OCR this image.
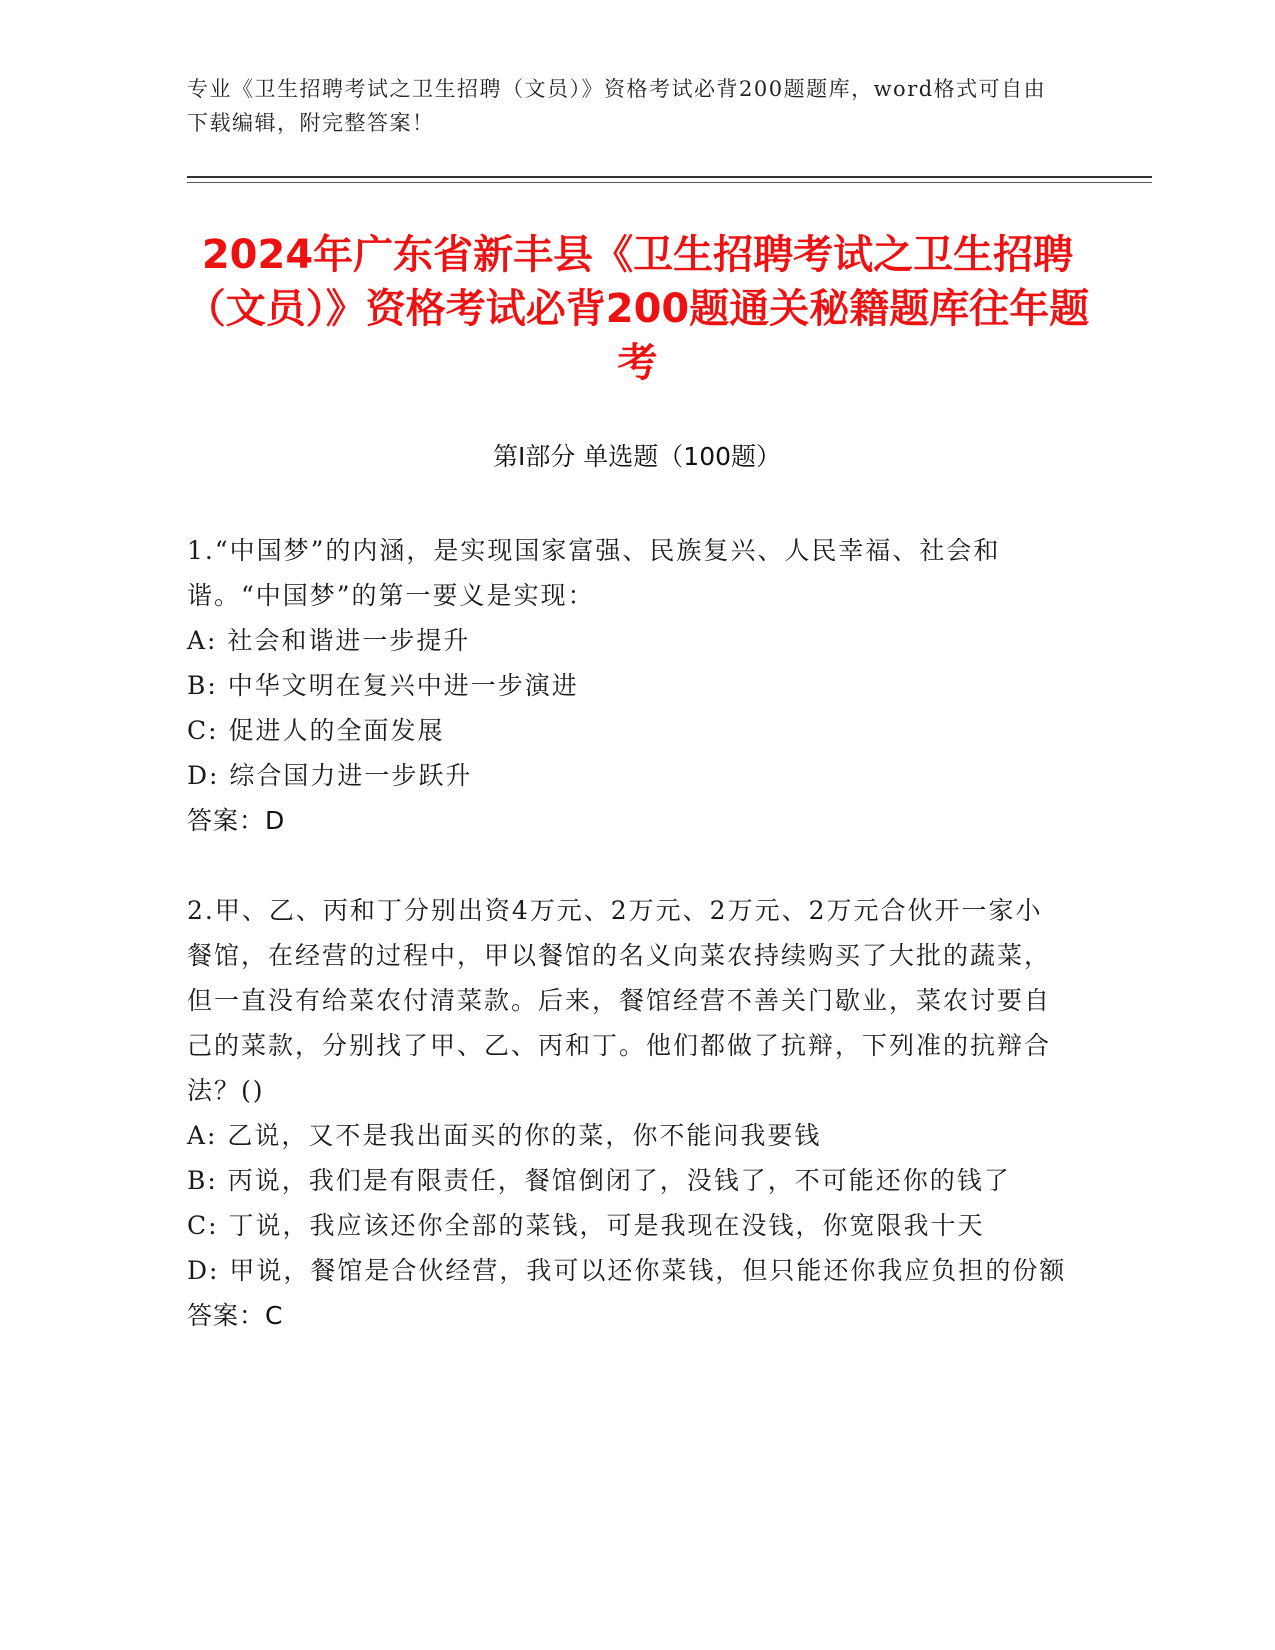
专业《卫生招聘考试之卫生招聘（文员）》资格考试必背200题题库，word格式可自由下载编辑，附完整答案！
2024年广东省新丰县《卫生招聘考试之卫生招聘（文员）》资格考试必背200题通关秘籍题库往年题考
第I部分 单选题（100题）
1.“中国梦”的内涵，是实现国家富强、民族复兴、人民幸福、社会和谐。“中国梦”的第一要义是实现：
A: 社会和谐进一步提升
B: 中华文明在复兴中进一步演进
C: 促进人的全面发展
D: 综合国力进一步跃升
答案：D
2.甲、乙、丙和丁分别出资4万元、2万元、2万元、2万元合伙开一家小餐馆，在经营的过程中，甲以餐馆的名义向菜农持续购买了大批的蔬菜，但一直没有给菜农付清菜款。后来，餐馆经营不善关门歇业，菜农讨要自己的菜款，分别找了甲、乙、丙和丁。他们都做了抗辩，下列准的抗辩合法？()
A: 乙说，又不是我出面买的你的菜，你不能问我要钱
B: 丙说，我们是有限责任，餐馆倒闭了，没钱了，不可能还你的钱了
C: 丁说，我应该还你全部的菜钱，可是我现在没钱，你宽限我十天
D: 甲说，餐馆是合伙经营，我可以还你菜钱，但只能还你我应负担的份额
答案：C
